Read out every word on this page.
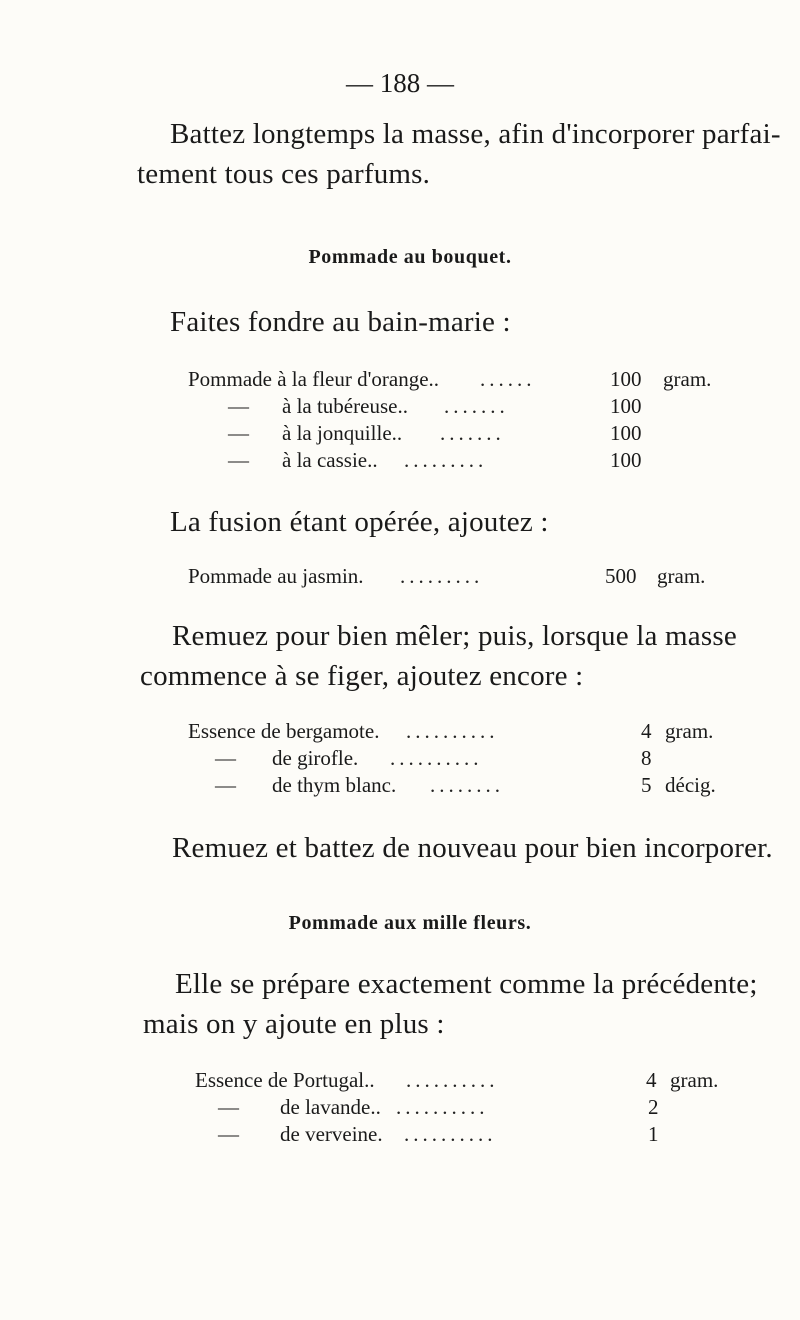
— 188 —
Battez longtemps la masse, afin d'incorporer parfai-
tement tous ces parfums.
Pommade au bouquet.
Faites fondre au bain-marie :
Pommade à la fleur d'orange.. ......	100 gram.
— à la tubéreuse.. .......	100
— à la jonquille.. .......	100
— à la cassie.. .........	100
La fusion étant opérée, ajoutez :
Pommade au jasmin. .........	500 gram.
Remuez pour bien mêler; puis, lorsque la masse
commence à se figer, ajoutez encore :
Essence de bergamote. ..........	4 gram.
— de girofle. ..........	8
— de thym blanc. ........	5 décig.
Remuez et battez de nouveau pour bien incorporer.
Pommade aux mille fleurs.
Elle se prépare exactement comme la précédente;
mais on y ajoute en plus :
Essence de Portugal.. ..........	4 gram.
— de lavande.. ..........	2
— de verveine. ..........	1
